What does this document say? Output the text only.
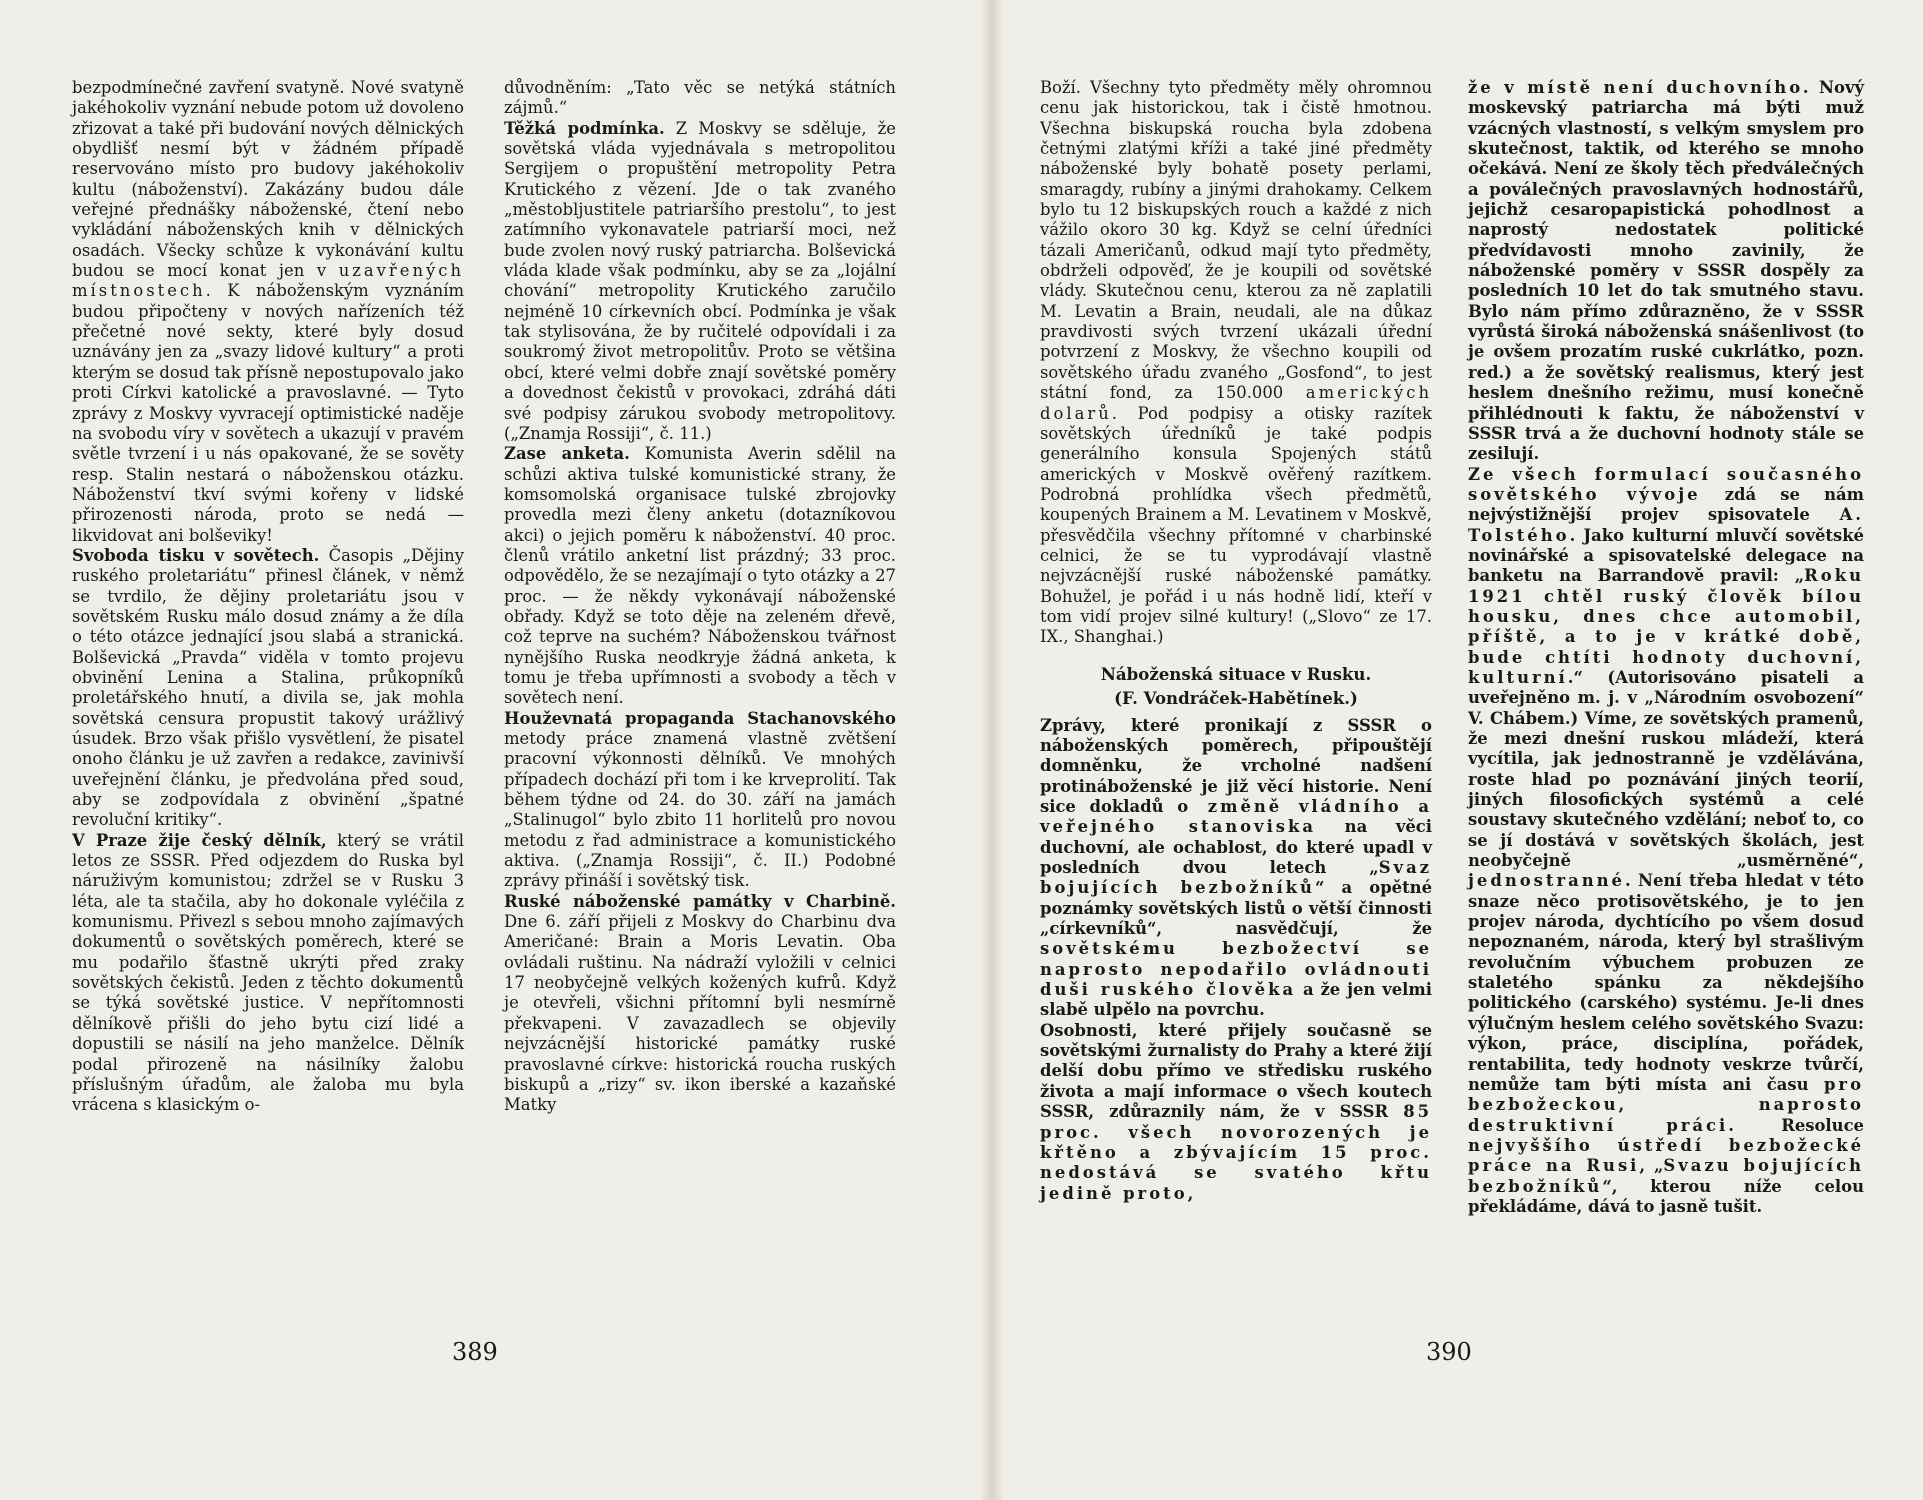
bezpodmínečné zavření svatyně. Nové svatyně jakéhokoliv vyznání nebude potom už dovoleno zřizovat a také při budování nových dělnických obydlišť nesmí být v žádném případě reservováno místo pro budovy jakéhokoliv kultu (náboženství). Zakázány budou dále veřejné přednášky náboženské, čtení nebo vykládání náboženských knih v dělnických osadách. Všecky schůze k vykonávání kultu budou se mocí konat jen v uzavřených místnostech. K náboženským vyznáním budou připočteny v nových nařízeních též přečetné nové sekty, které byly dosud uznávány jen za „svazy lidové kultury“ a proti kterým se dosud tak přísně nepostupovalo jako proti Církvi katolické a pravoslavné. — Tyto zprávy z Moskvy vyvracejí optimistické naděje na svobodu víry v sovětech a ukazují v pravém světle tvrzení i u nás opakované, že se sověty resp. Stalin nestará o náboženskou otázku. Náboženství tkví svými kořeny v lidské přirozenosti národa, proto se nedá — likvidovat ani bolševiky!

Svoboda tisku v sovětech. Časopis „Dějiny ruského proletariátu“ přinesl článek, v němž se tvrdilo, že dějiny proletariátu jsou v sovětském Rusku málo dosud známy a že díla o této otázce jednající jsou slabá a stranická. Bolševická „Pravda“ viděla v tomto projevu obvinění Lenina a Stalina, průkopníků proletářského hnutí, a divila se, jak mohla sovětská censura propustit takový urážlivý úsudek. Brzo však přišlo vysvětlení, že pisatel onoho článku je už zavřen a redakce, zavinivší uveřejnění článku, je předvolána před soud, aby se zodpovídala z obvinění „špatné revoluční kritiky“.

V Praze žije český dělník, který se vrátil letos ze SSSR. Před odjezdem do Ruska byl náruživým komunistou; zdržel se v Rusku 3 léta, ale ta stačila, aby ho dokonale vyléčila z komunismu. Přivezl s sebou mnoho zajímavých dokumentů o sovětských poměrech, které se mu podařilo šťastně ukrýti před zraky sovětských čekistů. Jeden z těchto dokumentů se týká sovětské justice. V nepřítomnosti dělníkově přišli do jeho bytu cizí lidé a dopustili se násilí na jeho manželce. Dělník podal přirozeně na násilníky žalobu příslušným úřadům, ale žaloba mu byla vrácena s klasickým o-

důvodněním: „Tato věc se netýká státních zájmů.“

Těžká podmínka. Z Moskvy se sděluje, že sovětská vláda vyjednávala s metropolitou Sergijem o propuštění metropolity Petra Krutického z vězení. Jde o tak zvaného „městobljustitele patriaršího prestolu“, to jest zatímního vykonavatele patriarší moci, než bude zvolen nový ruský patriarcha. Bolševická vláda klade však podmínku, aby se za „lojální chování“ metropolity Krutického zaručilo nejméně 10 církevních obcí. Podmínka je však tak stylisována, že by ručitelé odpovídali i za soukromý život metropolitův. Proto se většina obcí, které velmi dobře znají sovětské poměry a dovednost čekistů v provokaci, zdráhá dáti své podpisy zárukou svobody metropolitovy. („Znamja Rossiji“, č. 11.)

Zase anketa. Komunista Averin sdělil na schůzi aktiva tulské komunistické strany, že komsomolská organisace tulské zbrojovky provedla mezi členy anketu (dotazníkovou akci) o jejich poměru k náboženství. 40 proc. členů vrátilo anketní list prázdný; 33 proc. odpovědělo, že se nezajímají o tyto otázky a 27 proc. — že někdy vykonávají náboženské obřady. Když se toto děje na zeleném dřevě, což teprve na suchém? Náboženskou tvářnost nynějšího Ruska neodkryje žádná anketa, k tomu je třeba upřímnosti a svobody a těch v sovětech není.

Houževnatá propaganda Stachanovského metody práce znamená vlastně zvětšení pracovní výkonnosti dělníků. Ve mnohých případech dochází při tom i ke krveprolití. Tak během týdne od 24. do 30. září na jamách „Stalinugol“ bylo zbito 11 horlitelů pro novou metodu z řad administrace a komunistického aktiva. („Znamja Rossiji“, č. II.) Podobné zprávy přináší i sovětský tisk.

Ruské náboženské památky v Charbině. Dne 6. září přijeli z Moskvy do Charbinu dva Američané: Brain a Moris Levatin. Oba ovládali ruštinu. Na nádraží vyložili v celnici 17 neobyčejně velkých kožených kufrů. Když je otevřeli, všichni přítomní byli nesmírně překvapeni. V zavazadlech se objevily nejvzácnější historické památky ruské pravoslavné církve: historická roucha ruských biskupů a „rizy“ sv. ikon iberské a kazaňské Matky

Boží. Všechny tyto předměty měly ohromnou cenu jak historickou, tak i čistě hmotnou. Všechna biskupská roucha byla zdobena četnými zlatými kříži a také jiné předměty náboženské byly bohatě posety perlami, smaragdy, rubíny a jinými drahokamy. Celkem bylo tu 12 biskupských rouch a každé z nich vážilo okoro 30 kg. Když se celní úředníci tázali Američanů, odkud mají tyto předměty, obdrželi odpověď, že je koupili od sovětské vlády. Skutečnou cenu, kterou za ně zaplatili M. Levatin a Brain, neudali, ale na důkaz pravdivosti svých tvrzení ukázali úřední potvrzení z Moskvy, že všechno koupili od sovětského úřadu zvaného „Gosfond“, to jest státní fond, za 150.000 amerických dolarů. Pod podpisy a otisky razítek sovětských úředníků je také podpis generálního konsula Spojených států amerických v Moskvě ověřený razítkem. Podrobná prohlídka všech předmětů, koupených Brainem a M. Levatinem v Moskvě, přesvědčila všechny přítomné v charbinské celnici, že se tu vyprodávají vlastně nejvzácnější ruské náboženské památky. Bohužel, je pořád i u nás hodně lidí, kteří v tom vidí projev silné kultury! („Slovo“ ze 17. IX., Shanghai.)

Náboženská situace v Rusku.
(F. Vondráček-Habětínek.)

Zprávy, které pronikají z SSSR o náboženských poměrech, připouštějí domněnku, že vrcholné nadšení protináboženské je již věcí historie. Není sice dokladů o změně vládního a veřejného stanoviska na věci duchovní, ale ochablost, do které upadl v posledních dvou letech „Svaz bojujících bezbožníků“ a opětné poznámky sovětských listů o větší činnosti „církevníků“, nasvědčují, že sovětskému bezbožectví se naprosto nepodařilo ovládnouti duši ruského člověka a že jen velmi slabě ulpělo na povrchu.

Osobnosti, které přijely současně se sovětskými žurnalisty do Prahy a které žijí delší dobu přímo ve středisku ruského života a mají informace o všech koutech SSSR, zdůraznily nám, že v SSSR 85 proc. všech novorozených je křtěno a zbývajícím 15 proc. nedostává se svatého křtu jedině proto,

že v místě není duchovního. Nový moskevský patriarcha má býti muž vzácných vlastností, s velkým smyslem pro skutečnost, taktik, od kterého se mnoho očekává. Není ze školy těch předválečných a poválečných pravoslavných hodnostářů, jejichž cesaropapistická pohodlnost a naprostý nedostatek politické předvídavosti mnoho zavinily, že náboženské poměry v SSSR dospěly za posledních 10 let do tak smutného stavu. Bylo nám přímo zdůrazněno, že v SSSR vyrůstá široká náboženská snášenlivost (to je ovšem prozatím ruské cukrlátko, pozn. red.) a že sovětský realismus, který jest heslem dnešního režimu, musí konečně přihlédnouti k faktu, že náboženství v SSSR trvá a že duchovní hodnoty stále se zesilují.

Ze všech formulací současného sovětského vývoje zdá se nám nejvýstižnější projev spisovatele A. Tolstého. Jako kulturní mluvčí sovětské novinářské a spisovatelské delegace na banketu na Barrandově pravil: „Roku 1921 chtěl ruský člověk bílou housku, dnes chce automobil, příště, a to je v krátké době, bude chtíti hodnoty duchovní, kulturní.“ (Autorisováno pisateli a uveřejněno m. j. v „Národním osvobození“ V. Chábem.) Víme, ze sovětských pramenů, že mezi dnešní ruskou mládeží, která vycítila, jak jednostranně je vzdělávána, roste hlad po poznávání jiných teorií, jiných filosofických systémů a celé soustavy skutečného vzdělání; neboť to, co se jí dostává v sovětských školách, jest neobyčejně „usměrněné“, jednostranné. Není třeba hledat v této snaze něco protisovětského, je to jen projev národa, dychtícího po všem dosud nepoznaném, národa, který byl strašlivým revolučním výbuchem probuzen ze staletého spánku za někdejšího politického (carského) systému. Je-li dnes výlučným heslem celého sovětského Svazu: výkon, práce, disciplína, pořádek, rentabilita, tedy hodnoty veskrze tvůrčí, nemůže tam býti místa ani času pro bezbožeckou, naprosto destruktivní práci. Resoluce nejvyššího ústředí bezbožecké práce na Rusi, „Svazu bojujících bezbožníků“, kterou níže celou překládáme, dává to jasně tušit.

389	390
